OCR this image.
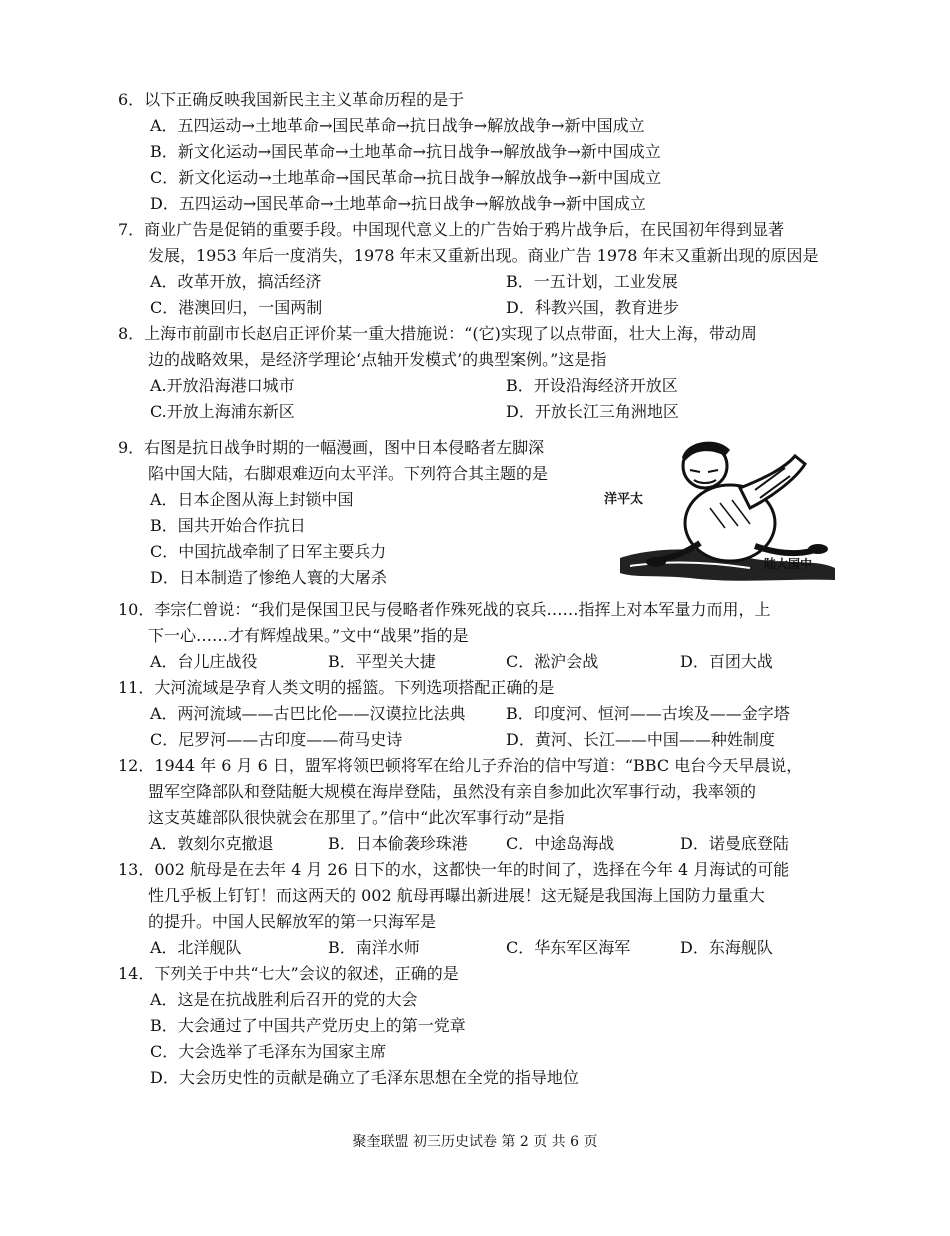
6．以下正确反映我国新民主主义革命历程的是于
A．五四运动→土地革命→国民革命→抗日战争→解放战争→新中国成立
B．新文化运动→国民革命→土地革命→抗日战争→解放战争→新中国成立
C．新文化运动→土地革命→国民革命→抗日战争→解放战争→新中国成立
D．五四运动→国民革命→土地革命→抗日战争→解放战争→新中国成立
7．商业广告是促销的重要手段。中国现代意义上的广告始于鸦片战争后，在民国初年得到显著
发展，1953 年后一度消失，1978 年末又重新出现。商业广告 1978 年末又重新出现的原因是
A．改革开放，搞活经济	B．一五计划，工业发展
C．港澳回归，一国两制	D．科教兴国，教育进步
8．上海市前副市长赵启正评价某一重大措施说：“(它)实现了以点带面，壮大上海，带动周
边的战略效果，是经济学理论‘点轴开发模式’的典型案例。”这是指
A.开放沿海港口城市	B．开设沿海经济开放区
C.开放上海浦东新区	D．开放长江三角洲地区
9．右图是抗日战争时期的一幅漫画，图中日本侵略者左脚深
陷中国大陆，右脚艰难迈向太平洋。下列符合其主题的是
A．日本企图从海上封锁中国
B．国共开始合作抗日
C．中国抗战牵制了日军主要兵力
D．日本制造了惨绝人寰的大屠杀
洋平太
陆大国中
10．李宗仁曾说：“我们是保国卫民与侵略者作殊死战的哀兵……指挥上对本军量力而用，上
下一心……才有辉煌战果。”文中“战果”指的是
A．台儿庄战役	B．平型关大捷	C．淞沪会战	D．百团大战
11．大河流域是孕育人类文明的摇篮。下列选项搭配正确的是
A．两河流域——古巴比伦——汉谟拉比法典	B．印度河、恒河——古埃及——金字塔
C．尼罗河——古印度——荷马史诗	D．黄河、长江——中国——种姓制度
12．1944 年 6 月 6 日，盟军将领巴顿将军在给儿子乔治的信中写道：“BBC 电台今天早晨说，
盟军空降部队和登陆艇大规模在海岸登陆，虽然没有亲自参加此次军事行动，我率领的
这支英雄部队很快就会在那里了。”信中“此次军事行动”是指
A．敦刻尔克撤退	B．日本偷袭珍珠港 C．中途岛海战	D．诺曼底登陆
13．002 航母是在去年 4 月 26 日下的水，这都快一年的时间了，选择在今年 4 月海试的可能
性几乎板上钉钉！而这两天的 002 航母再曝出新进展！这无疑是我国海上国防力量重大
的提升。中国人民解放军的第一只海军是
A．北洋舰队	B．南洋水师	C．华东军区海军	D．东海舰队
14．下列关于中共“七大”会议的叙述，正确的是
A．这是在抗战胜利后召开的党的大会
B．大会通过了中国共产党历史上的第一党章
C．大会选举了毛泽东为国家主席
D．大会历史性的贡献是确立了毛泽东思想在全党的指导地位
聚奎联盟 初三历史试卷 第 2 页 共 6 页
